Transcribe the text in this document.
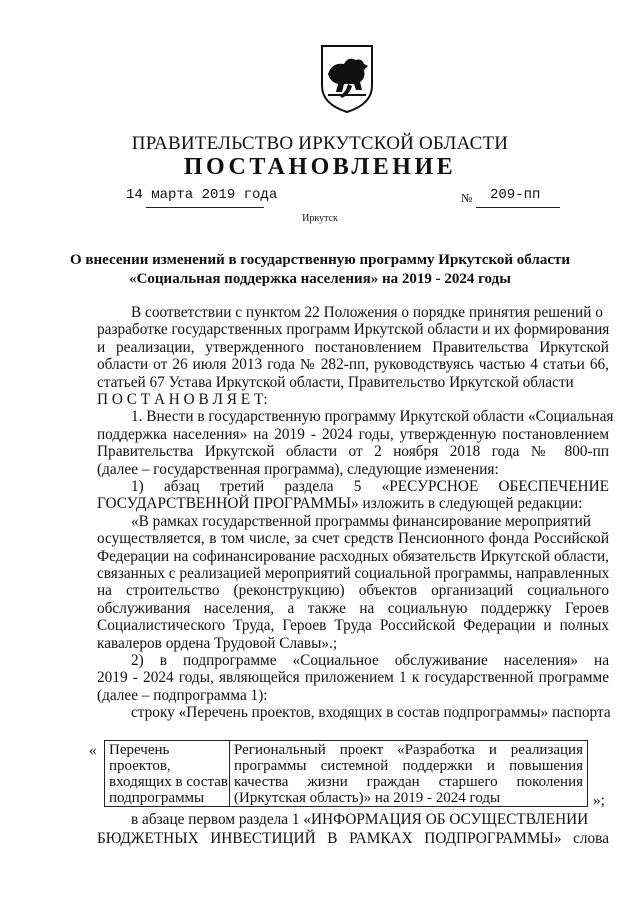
ПРАВИТЕЛЬСТВО ИРКУТСКОЙ ОБЛАСТИ
ПОСТАНОВЛЕНИЕ
14 марта 2019 года	№ 209-пп
Иркутск
О внесении изменений в государственную программу Иркутской области
«Социальная поддержка населения» на 2019 - 2024 годы
В соответствии с пунктом 22 Положения о порядке принятия решений о
разработке государственных программ Иркутской области и их формирования
и реализации, утвержденного постановлением Правительства Иркутской
области от 26 июля 2013 года № 282-пп, руководствуясь частью 4 статьи 66,
статьей 67 Устава Иркутской области, Правительство Иркутской области
П О С Т А Н О В Л Я Е Т:
1. Внести в государственную программу Иркутской области «Социальная
поддержка населения» на 2019 - 2024 годы, утвержденную постановлением
Правительства Иркутской области от 2 ноября 2018 года № 800-пп
(далее – государственная программа), следующие изменения:
1) абзац третий раздела 5 «РЕСУРСНОЕ ОБЕСПЕЧЕНИЕ
ГОСУДАРСТВЕННОЙ ПРОГРАММЫ» изложить в следующей редакции:
«В рамках государственной программы финансирование мероприятий
осуществляется, в том числе, за счет средств Пенсионного фонда Российской
Федерации на софинансирование расходных обязательств Иркутской области,
связанных с реализацией мероприятий социальной программы, направленных
на строительство (реконструкцию) объектов организаций социального
обслуживания населения, а также на социальную поддержку Героев
Социалистического Труда, Героев Труда Российской Федерации и полных
кавалеров ордена Трудовой Славы».;
2) в подпрограмме «Социальное обслуживание населения» на
2019 - 2024 годы, являющейся приложением 1 к государственной программе
(далее – подпрограмма 1):
строку «Перечень проектов, входящих в состав подпрограммы» паспорта
« Перечень
проектов,
входящих в состав
подпрограммы
Региональный проект «Разработка и реализация
программы системной поддержки и повышения
качества жизни граждан старшего поколения
(Иркутская область)» на 2019 - 2024 годы	»;
в абзаце первом раздела 1 «ИНФОРМАЦИЯ ОБ ОСУЩЕСТВЛЕНИИ
БЮДЖЕТНЫХ ИНВЕСТИЦИЙ В РАМКАХ ПОДПРОГРАММЫ» слова
